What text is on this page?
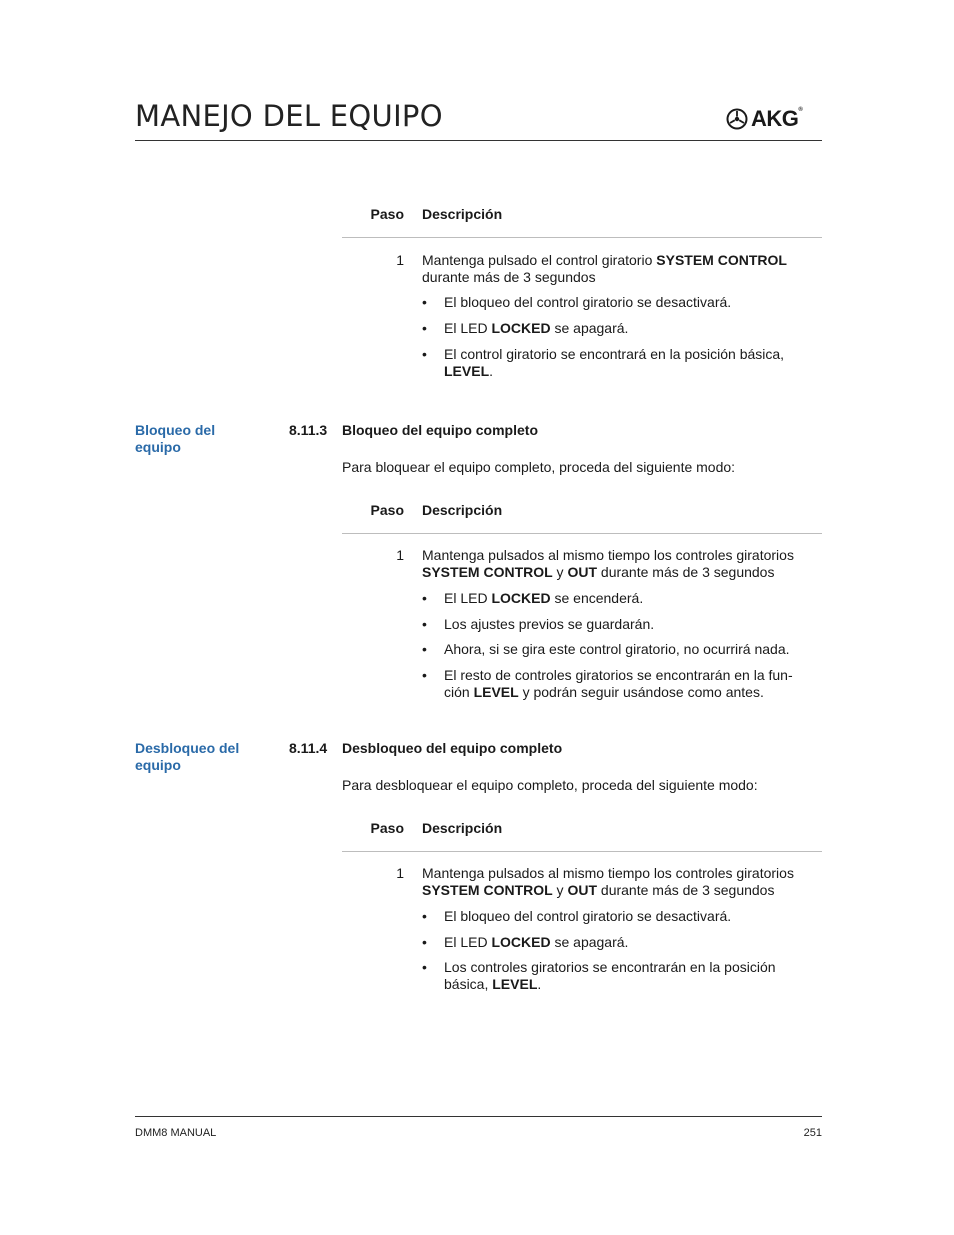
MANEJO DEL EQUIPO	AKG®
Paso Descripción
1 Mantenga pulsado el control giratorio SYSTEM CONTROL durante más de 3 segundos
• El bloqueo del control giratorio se desactivará.
• El LED LOCKED se apagará.
• El control giratorio se encontrará en la posición básica, LEVEL.
Bloqueo del equipo
8.11.3 Bloqueo del equipo completo
Para bloquear el equipo completo, proceda del siguiente modo:
Paso Descripción
1 Mantenga pulsados al mismo tiempo los controles giratorios SYSTEM CONTROL y OUT durante más de 3 segundos
• El LED LOCKED se encenderá.
• Los ajustes previos se guardarán.
• Ahora, si se gira este control giratorio, no ocurrirá nada.
• El resto de controles giratorios se encontrarán en la fun-ción LEVEL y podrán seguir usándose como antes.
Desbloqueo del equipo
8.11.4 Desbloqueo del equipo completo
Para desbloquear el equipo completo, proceda del siguiente modo:
Paso Descripción
1 Mantenga pulsados al mismo tiempo los controles giratorios SYSTEM CONTROL y OUT durante más de 3 segundos
• El bloqueo del control giratorio se desactivará.
• El LED LOCKED se apagará.
• Los controles giratorios se encontrarán en la posición básica, LEVEL.
DMM8 MANUAL	251
